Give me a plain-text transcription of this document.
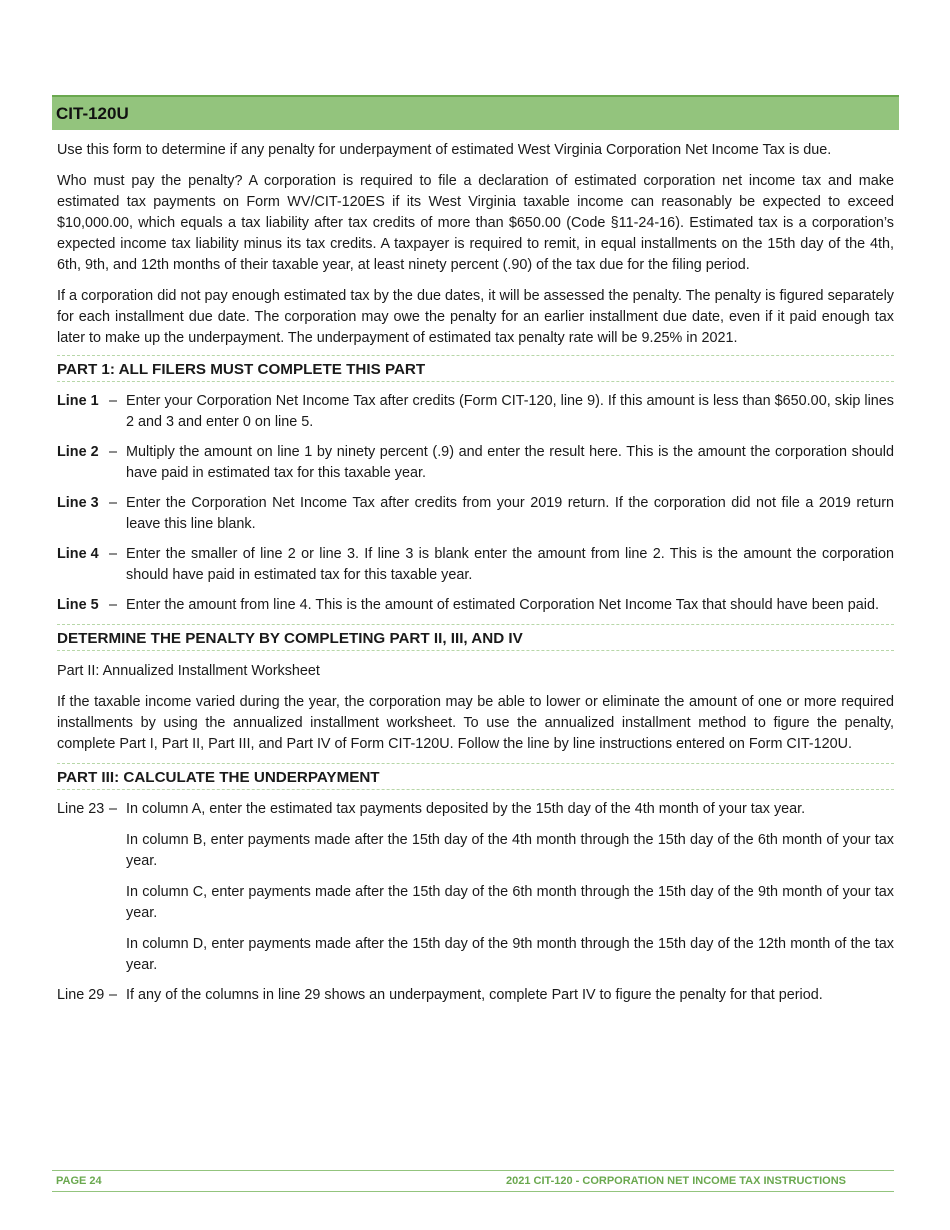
CIT-120U

Use this form to determine if any penalty for underpayment of estimated West Virginia Corporation Net Income Tax is due.

Who must pay the penalty? A corporation is required to file a declaration of estimated corporation net income tax and make estimated tax payments on Form WV/CIT-120ES if its West Virginia taxable income can reasonably be expected to exceed $10,000.00, which equals a tax liability after tax credits of more than $650.00 (Code §11-24-16). Estimated tax is a corporation’s expected income tax liability minus its tax credits. A taxpayer is required to remit, in equal installments on the 15th day of the 4th, 6th, 9th, and 12th months of their taxable year, at least ninety percent (.90) of the tax due for the filing period.

If a corporation did not pay enough estimated tax by the due dates, it will be assessed the penalty. The penalty is figured separately for each installment due date. The corporation may owe the penalty for an earlier installment due date, even if it paid enough tax later to make up the underpayment. The underpayment of estimated tax penalty rate will be 9.25% in 2021.

PART 1: ALL FILERS MUST COMPLETE THIS PART
Line 1 – Enter your Corporation Net Income Tax after credits (Form CIT-120, line 9). If this amount is less than $650.00, skip lines 2 and 3 and enter 0 on line 5.
Line 2 – Multiply the amount on line 1 by ninety percent (.9) and enter the result here. This is the amount the corporation should have paid in estimated tax for this taxable year.
Line 3 – Enter the Corporation Net Income Tax after credits from your 2019 return. If the corporation did not file a 2019 return leave this line blank.
Line 4 – Enter the smaller of line 2 or line 3. If line 3 is blank enter the amount from line 2. This is the amount the corporation should have paid in estimated tax for this taxable year.
Line 5 – Enter the amount from line 4. This is the amount of estimated Corporation Net Income Tax that should have been paid.
DETERMINE THE PENALTY BY COMPLETING PART II, III, AND IV
Part II: Annualized Installment Worksheet

If the taxable income varied during the year, the corporation may be able to lower or eliminate the amount of one or more required installments by using the annualized installment worksheet. To use the annualized installment method to figure the penalty, complete Part I, Part II, Part III, and Part IV of Form CIT-120U. Follow the line by line instructions entered on Form CIT-120U.

PART III: CALCULATE THE UNDERPAYMENT
Line 23 – In column A, enter the estimated tax payments deposited by the 15th day of the 4th month of your tax year.

In column B, enter payments made after the 15th day of the 4th month through the 15th day of the 6th month of your tax year.

In column C, enter payments made after the 15th day of the 6th month through the 15th day of the 9th month of your tax year.

In column D, enter payments made after the 15th day of the 9th month through the 15th day of the 12th month of the tax year.

Line 29 – If any of the columns in line 29 shows an underpayment, complete Part IV to figure the penalty for that period.
PAGE 24	2021 CIT-120 - CORPORATION NET INCOME TAX INSTRUCTIONS
